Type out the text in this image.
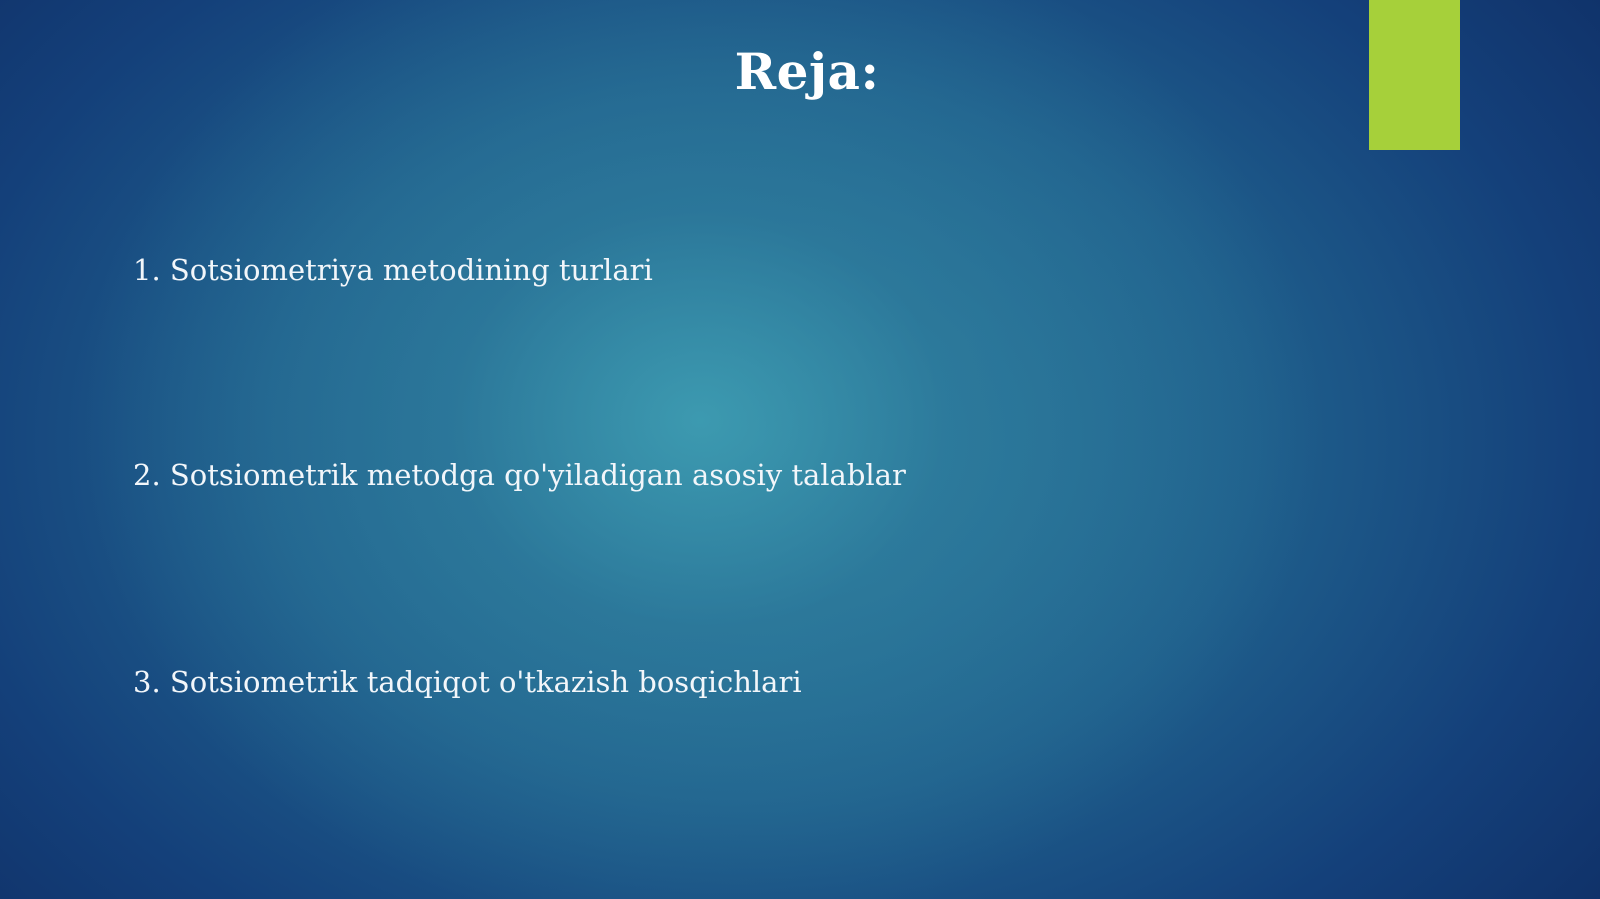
Reja:
1. Sotsiometriya metodining turlari
2. Sotsiometrik metodga qo'yiladigan asosiy talablar
3. Sotsiometrik tadqiqot o'tkazish bosqichlari
